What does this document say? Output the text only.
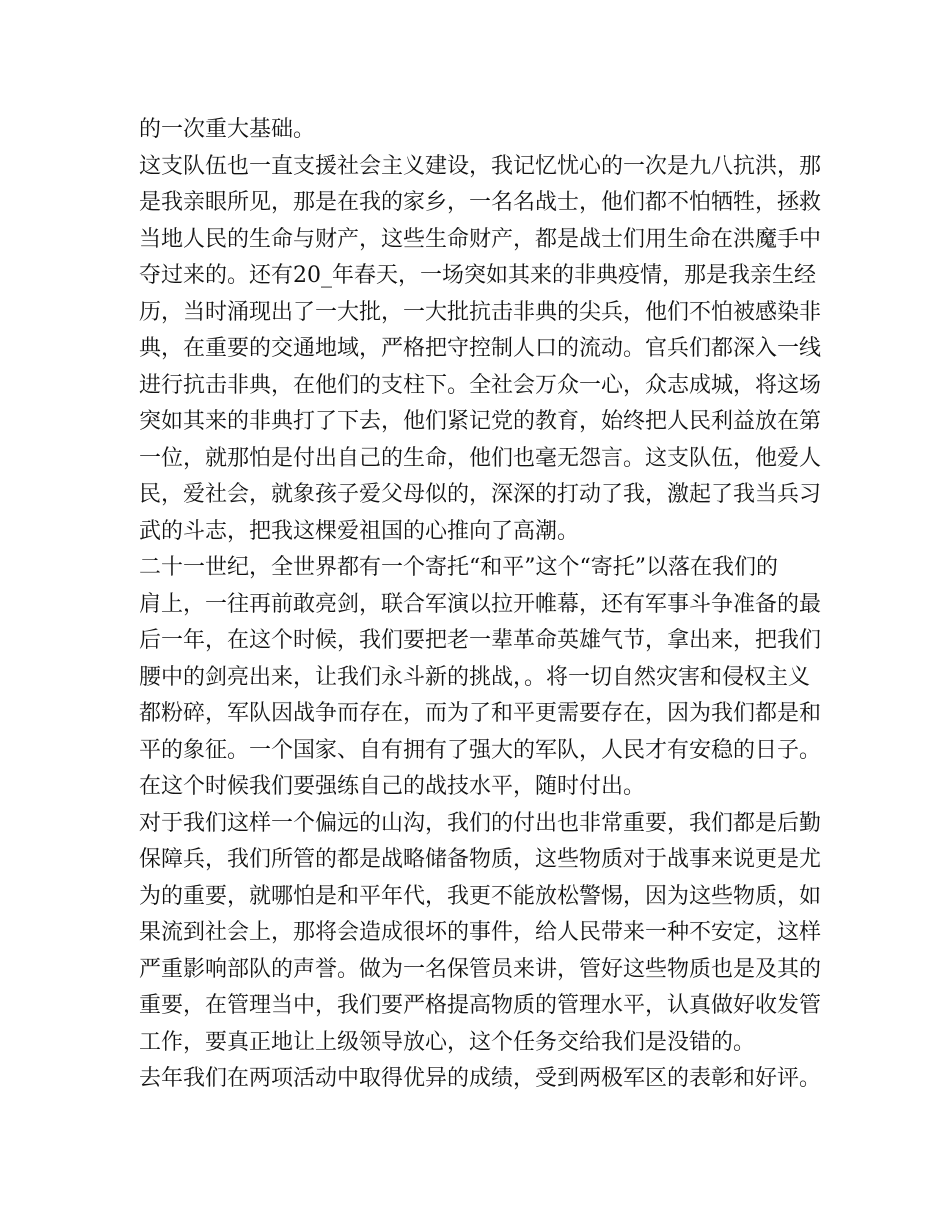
的一次重大基础。
这支队伍也一直支援社会主义建设，我记忆忧心的一次是九八抗洪，那
是我亲眼所见，那是在我的家乡，一名名战士，他们都不怕牺牲，拯救
当地人民的生命与财产，这些生命财产，都是战士们用生命在洪魔手中
夺过来的。还有20_年春天，一场突如其来的非典疫情，那是我亲生经
历，当时涌现出了一大批，一大批抗击非典的尖兵，他们不怕被感染非
典，在重要的交通地域，严格把守控制人口的流动。官兵们都深入一线
进行抗击非典，在他们的支柱下。全社会万众一心，众志成城，将这场
突如其来的非典打了下去，他们紧记党的教育，始终把人民利益放在第
一位，就那怕是付出自己的生命，他们也毫无怨言。这支队伍，他爱人
民，爱社会，就象孩子爱父母似的，深深的打动了我，激起了我当兵习
武的斗志，把我这棵爱祖国的心推向了高潮。
二十一世纪，全世界都有一个寄托“和平”这个“寄托”以落在我们的
肩上，一往再前敢亮剑，联合军演以拉开帷幕，还有军事斗争准备的最
后一年，在这个时候，我们要把老一辈革命英雄气节，拿出来，把我们
腰中的剑亮出来，让我们永斗新的挑战，。将一切自然灾害和侵权主义
都粉碎，军队因战争而存在，而为了和平更需要存在，因为我们都是和
平的象征。一个国家、自有拥有了强大的军队，人民才有安稳的日子。
在这个时候我们要强练自己的战技水平，随时付出。
对于我们这样一个偏远的山沟，我们的付出也非常重要，我们都是后勤
保障兵，我们所管的都是战略储备物质，这些物质对于战事来说更是尤
为的重要，就哪怕是和平年代，我更不能放松警惕，因为这些物质，如
果流到社会上，那将会造成很坏的事件，给人民带来一种不安定，这样
严重影响部队的声誉。做为一名保管员来讲，管好这些物质也是及其的
重要，在管理当中，我们要严格提高物质的管理水平，认真做好收发管
工作，要真正地让上级领导放心，这个任务交给我们是没错的。
去年我们在两项活动中取得优异的成绩，受到两极军区的表彰和好评。
